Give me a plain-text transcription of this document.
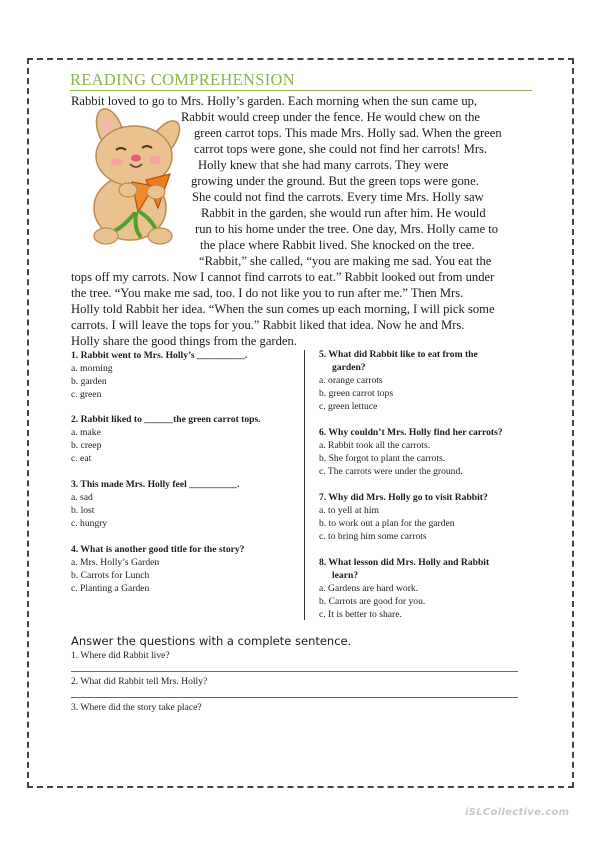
READING COMPREHENSION
Rabbit loved to go to Mrs. Holly’s garden. Each morning when the sun came up,
Rabbit would creep under the fence. He would chew on the
green carrot tops. This made Mrs. Holly sad. When the green
carrot tops were gone, she could not find her carrots! Mrs.
Holly knew that she had many carrots. They were
growing under the ground. But the green tops were gone.
She could not find the carrots. Every time Mrs. Holly saw
Rabbit in the garden, she would run after him. He would
run to his home under the tree. One day, Mrs. Holly came to
the place where Rabbit lived. She knocked on the tree.
“Rabbit,” she called, “you are making me sad. You eat the
tops off my carrots. Now I cannot find carrots to eat.” Rabbit looked out from under
the tree. “You make me sad, too. I do not like you to run after me.” Then Mrs.
Holly told Rabbit her idea. “When the sun comes up each morning, I will pick some
carrots. I will leave the tops for you.” Rabbit liked that idea. Now he and Mrs.
Holly share the good things from the garden.
1. Rabbit went to Mrs. Holly’s __________.
a. morning
b. garden
c. green
2. Rabbit liked to ______the green carrot tops.
a. make
b. creep
c. eat
3. This made Mrs. Holly feel __________.
a. sad
b. lost
c. hungry
4. What is another good title for the story?
a. Mrs. Holly’s Garden
b. Carrots for Lunch
c. Planting a Garden
5. What did Rabbit like to eat from the
garden?
a. orange carrots
b. green carrot tops
c. green lettuce
6. Why couldn’t Mrs. Holly find her carrots?
a. Rabbit took all the carrots.
b. She forgot to plant the carrots.
c. The carrots were under the ground.
7. Why did Mrs. Holly go to visit Rabbit?
a. to yell at him
b. to work out a plan for the garden
c. to bring him some carrots
8. What lesson did Mrs. Holly and Rabbit
learn?
a. Gardens are hard work.
b. Carrots are good for you.
c. It is better to share.
Answer the questions with a complete sentence.
1. Where did Rabbit live?
2. What did Rabbit tell Mrs. Holly?
3. Where did the story take place?
iSLCollective.com
